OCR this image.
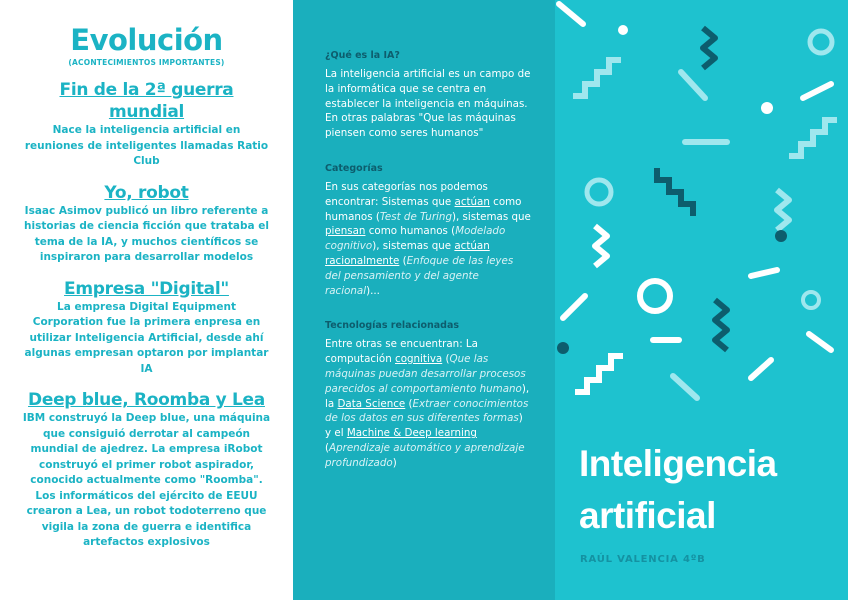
Evolución

(ACONTECIMIENTOS IMPORTANTES)

Fin de la 2ª guerra mundial

Nace la inteligencia artificial en reuniones de inteligentes llamadas Ratio Club

Yo, robot

Isaac Asimov publicó un libro referente a historias de ciencia ficción que trataba el tema de la IA, y muchos científicos se inspiraron para desarrollar modelos

Empresa "Digital"

La empresa Digital Equipment Corporation fue la primera enpresa en utilizar Inteligencia Artificial, desde ahí algunas empresan optaron por implantar IA

Deep blue, Roomba y Lea

IBM construyó la Deep blue, una máquina que consiguió derrotar al campeón mundial de ajedrez. La empresa iRobot construyó el primer robot aspirador, conocido actualmente como "Roomba". Los informáticos del ejército de EEUU crearon a Lea, un robot todoterreno que vigila la zona de guerra e identifica artefactos explosivos

¿Qué es la IA?

La inteligencia artificial es un campo de la informática que se centra en establecer la inteligencia en máquinas. En otras palabras "Que las máquinas piensen como seres humanos"

Categorías

En sus categorías nos podemos encontrar: Sistemas que actúan como humanos (Test de Turing), sistemas que piensan como humanos (Modelado cognitivo), sistemas que actúan racionalmente (Enfoque de las leyes del pensamiento y del agente racional)...

Tecnologías relacionadas

Entre otras se encuentran: La computación cognitiva (Que las máquinas puedan desarrollar procesos parecidos al comportamiento humano), la Data Science (Extraer conocimientos de los datos en sus diferentes formas) y el Machine & Deep learning (Aprendizaje automático y aprendizaje profundizado)	Inteligencia
artificial
RAÚL VALENCIA 4ºB
